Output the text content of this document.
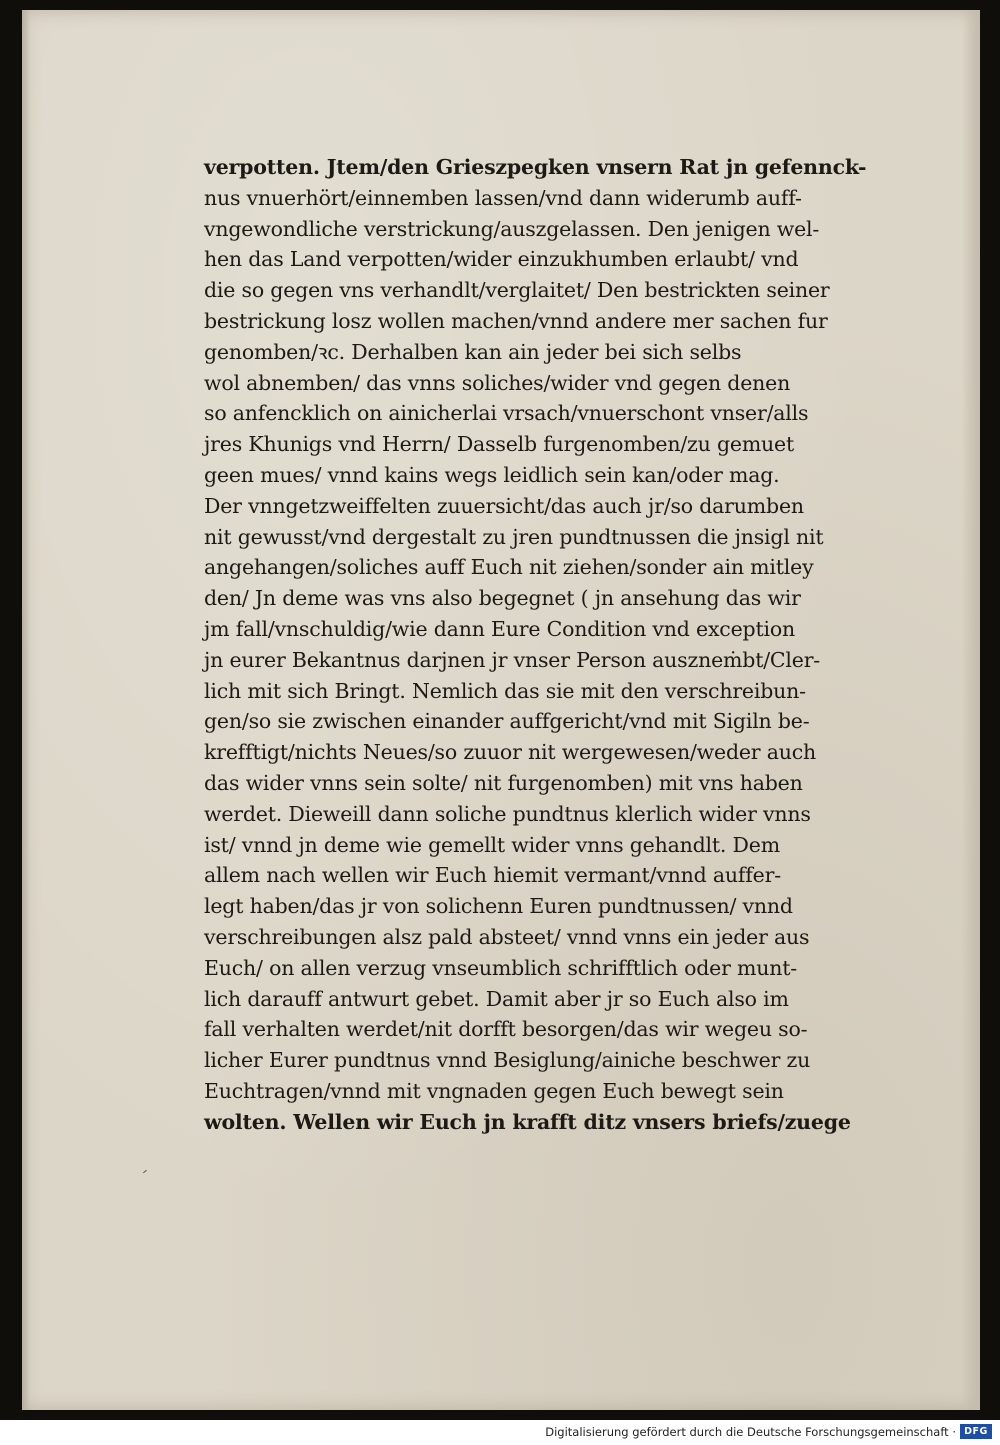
verpotten. Jtem/den Grieszpegken vnsern Rat jn gefennck-
nus vnuerhört/einnemben lassen/vnd dann widerumb auff-
vngewondliche verstrickung/auszgelassen. Den jenigen wel-
hen das Land verpotten/wider einzukhumben erlaubt/ vnd
die so gegen vns verhandlt/verglaitet/ Den bestrickten seiner
bestrickung losz wollen machen/vnnd andere mer sachen fur
genomben/ꝛc. Derhalben kan ain jeder bei sich selbs
wol abnemben/ das vnns soliches/wider vnd gegen denen
so anfencklich on ainicherlai vrsach/vnuerschont vnser/alls
jres Khunigs vnd Herrn/ Dasselb furgenomben/zu gemuet
geen mues/ vnnd kains wegs leidlich sein kan/oder mag.
Der vnngetzweiffelten zuuersicht/das auch jr/so darumben
nit gewusst/vnd dergestalt zu jren pundtnussen die jnsigl nit
angehangen/soliches auff Euch nit ziehen/sonder ain mitley
den/ Jn deme was vns also begegnet ( jn ansehung das wir
jm fall/vnschuldig/wie dann Eure Condition vnd exception
jn eurer Bekantnus darjnen jr vnser Person auszneṁbt/Cler-
lich mit sich Bringt. Nemlich das sie mit den verschreibun-
gen/so sie zwischen einander auffgericht/vnd mit Sigiln be-
krefftigt/nichts Neues/so zuuor nit wergewesen/weder auch
das wider vnns sein solte/ nit furgenomben) mit vns haben
werdet. Dieweill dann soliche pundtnus klerlich wider vnns
ist/ vnnd jn deme wie gemellt wider vnns gehandlt. Dem
allem nach wellen wir Euch hiemit vermant/vnnd auffer-
legt haben/das jr von solichenn Euren pundtnussen/ vnnd
verschreibungen alsz pald absteet/ vnnd vnns ein jeder aus
Euch/ on allen verzug vnseumblich schrifftlich oder munt-
lich darauff antwurt gebet. Damit aber jr so Euch also im
fall verhalten werdet/nit dorfft besorgen/das wir wegeu so-
licher Eurer pundtnus vnnd Besiglung/ainiche beschwer zu
Euchtragen/vnnd mit vngnaden gegen Euch bewegt sein
wolten. Wellen wir Euch jn krafft ditz vnsers briefs/zuege
ˊ
Digitalisierung gefördert durch die Deutsche Forschungsgemeinschaft · DFG
